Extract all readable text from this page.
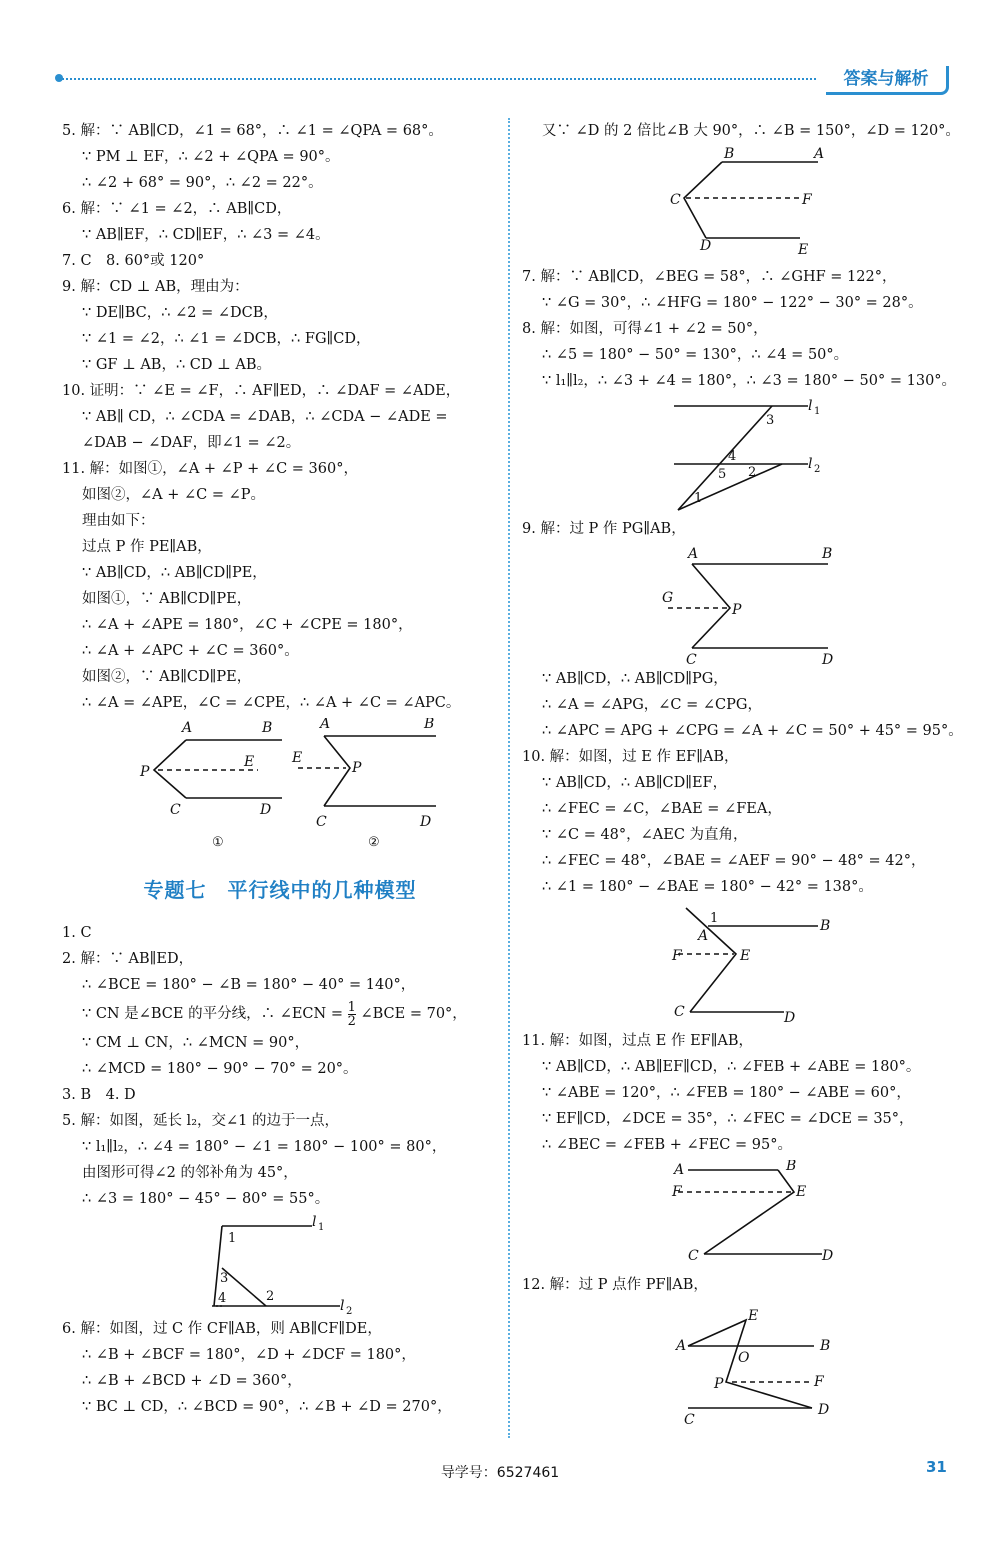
答案与解析
5. 解：∵ AB∥CD，∠1 = 68°，∴ ∠1 = ∠QPA = 68°。
∵ PM ⊥ EF，∴ ∠2 + ∠QPA = 90°。
∴ ∠2 + 68° = 90°，∴ ∠2 = 22°。
6. 解：∵ ∠1 = ∠2，∴ AB∥CD，
∵ AB∥EF，∴ CD∥EF，∴ ∠3 = ∠4。
7. C　8. 60°或 120°
9. 解：CD ⊥ AB，理由为：
∵ DE∥BC，∴ ∠2 = ∠DCB，
∵ ∠1 = ∠2，∴ ∠1 = ∠DCB，∴ FG∥CD，
∵ GF ⊥ AB，∴ CD ⊥ AB。
10. 证明：∵ ∠E = ∠F，∴ AF∥ED，∴ ∠DAF = ∠ADE，
∵ AB∥ CD，∴ ∠CDA = ∠DAB，∴ ∠CDA − ∠ADE =
∠DAB − ∠DAF，即∠1 = ∠2。
11. 解：如图①，∠A + ∠P + ∠C = 360°，
如图②，∠A + ∠C = ∠P。
理由如下：
过点 P 作 PE∥AB，
∵ AB∥CD，∴ AB∥CD∥PE，
如图①，∵ AB∥CD∥PE，
∴ ∠A + ∠APE = 180°，∠C + ∠CPE = 180°，
∴ ∠A + ∠APC + ∠C = 360°。
如图②，∵ AB∥CD∥PE，
∴ ∠A = ∠APE，∠C = ∠CPE，∴ ∠A + ∠C = ∠APC。
A	B
P
E
C	D
A	B
E
P
C	D
①	②
专题七　平行线中的几种模型
1. C
2. 解：∵ AB∥ED，
∴ ∠BCE = 180° − ∠B = 180° − 40° = 140°，
∵ CN 是∠BCE 的平分线，∴ ∠ECN = $\frac{1}{2}$ ∠BCE = 70°，
∵ CM ⊥ CN，∴ ∠MCN = 90°，
∴ ∠MCD = 180° − 90° − 70° = 20°。
3. B　4. D
5. 解：如图，延长 l₂，交∠1 的边于一点，
∵ l₁∥l₂，∴ ∠4 = 180° − ∠1 = 180° − 100° = 80°，
由图形可得∠2 的邻补角为 45°，
∴ ∠3 = 180° − 45° − 80° = 55°。
l 1
l 2
1
3
4	2
6. 解：如图，过 C 作 CF∥AB，则 AB∥CF∥DE，
∴ ∠B + ∠BCF = 180°，∠D + ∠DCF = 180°，
∴ ∠B + ∠BCD + ∠D = 360°，
∵ BC ⊥ CD，∴ ∠BCD = 90°，∴ ∠B + ∠D = 270°，
又∵ ∠D 的 2 倍比∠B 大 90°，∴ ∠B = 150°，∠D = 120°。
B	A
C	F
D	E
7. 解：∵ AB∥CD，∠BEG = 58°，∴ ∠GHF = 122°，
∵ ∠G = 30°，∴ ∠HFG = 180° − 122° − 30° = 28°。
8. 解：如图，可得∠1 + ∠2 = 50°，
∴ ∠5 = 180° − 50° = 130°，∴ ∠4 = 50°。
∵ l₁∥l₂，∴ ∠3 + ∠4 = 180°，∴ ∠3 = 180° − 50° = 130°。
l 1
l 2
3
4
5 2
1
9. 解：过 P 作 PG∥AB，
A	B
G
P
C	D
∵ AB∥CD，∴ AB∥CD∥PG，
∴ ∠A = ∠APG，∠C = ∠CPG，
∴ ∠APC = APG + ∠CPG = ∠A + ∠C = 50° + 45° = 95°。
10. 解：如图，过 E 作 EF∥AB，
∵ AB∥CD，∴ AB∥CD∥EF，
∴ ∠FEC = ∠C，∠BAE = ∠FEA，
∵ ∠C = 48°，∠AEC 为直角，
∴ ∠FEC = 48°，∠BAE = ∠AEF = 90° − 48° = 42°，
∴ ∠1 = 180° − ∠BAE = 180° − 42° = 138°。
1
A
B
F	E
C	D
11. 解：如图，过点 E 作 EF∥AB，
∵ AB∥CD，∴ AB∥EF∥CD，∴ ∠FEB + ∠ABE = 180°。
∵ ∠ABE = 120°，∴ ∠FEB = 180° − ∠ABE = 60°，
∵ EF∥CD，∠DCE = 35°，∴ ∠FEC = ∠DCE = 35°，
∴ ∠BEC = ∠FEB + ∠FEC = 95°。
A	B
F	E
C	D
12. 解：过 P 点作 PF∥AB，
A	B
E
O
P	F
C
D
导学号：6527461	31
